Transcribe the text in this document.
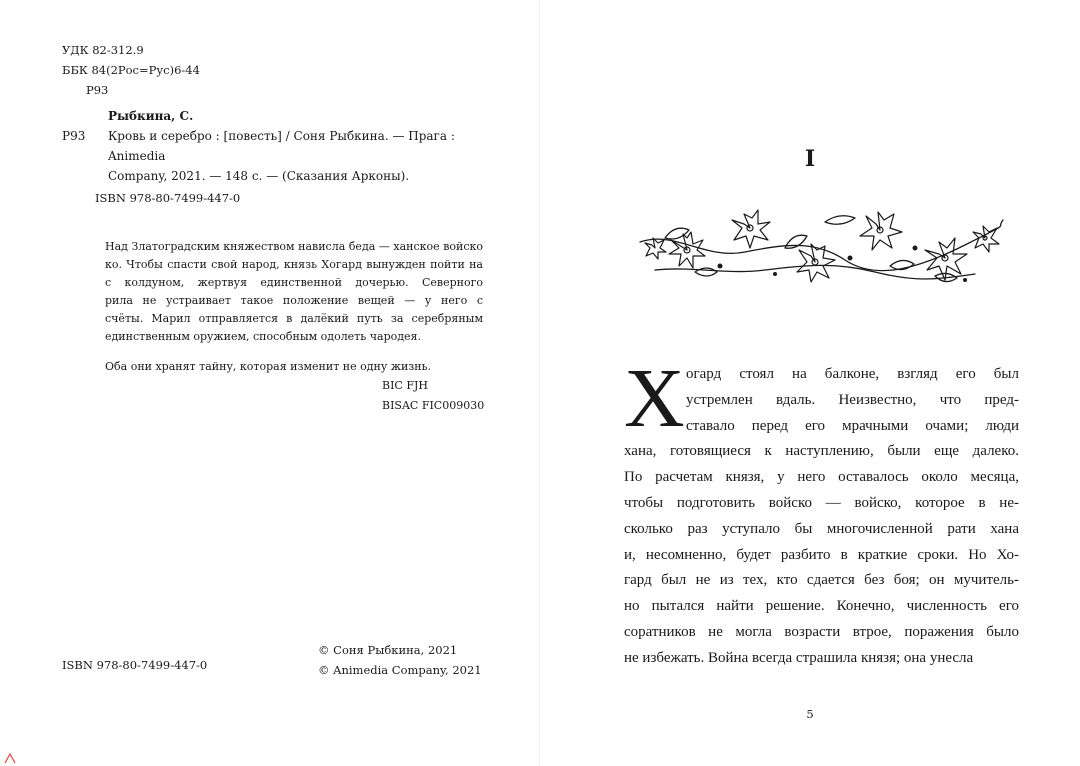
УДК 82-312.9
ББК 84(2Рос=Рус)6-44
Р93
Рыбкина, С.
Р93	Кровь и серебро : [повесть] / Соня Рыбкина. — Прага : Animedia
Company, 2021. — 148 с. — (Сказания Арконы).
ISBN 978-80-7499-447-0

Над Златоградским княжеством нависла беда — ханское войско
ко. Чтобы спасти свой народ, князь Хогард вынужден пойти на
с колдуном, жертвуя единственной дочерью. Северного
рила не устраивает такое положение вещей — у него с
счёты. Марил отправляется в далёкий путь за серебряным
единственным оружием, способным одолеть чародея.

Оба они хранят тайну, которая изменит не одну жизнь.

BIC FJH
BISAC FIC009030
© Соня Рыбкина, 2021
© Animedia Company, 2021
ISBN 978-80-7499-447-0
I
Х огард стоял на балконе, взгляд его был
устремлен вдаль. Неизвестно, что пред-
ставало перед его мрачными очами; люди
хана, готовящиеся к наступлению, были еще далеко.
По расчетам князя, у него оставалось около месяца,
чтобы подготовить войско — войско, которое в не-
сколько раз уступало бы многочисленной рати хана
и, несомненно, будет разбито в краткие сроки. Но Хо-
гард был не из тех, кто сдается без боя; он мучитель-
но пытался найти решение. Конечно, численность его
соратников не могла возрасти втрое, поражения было
не избежать. Война всегда страшила князя; она унесла
5
